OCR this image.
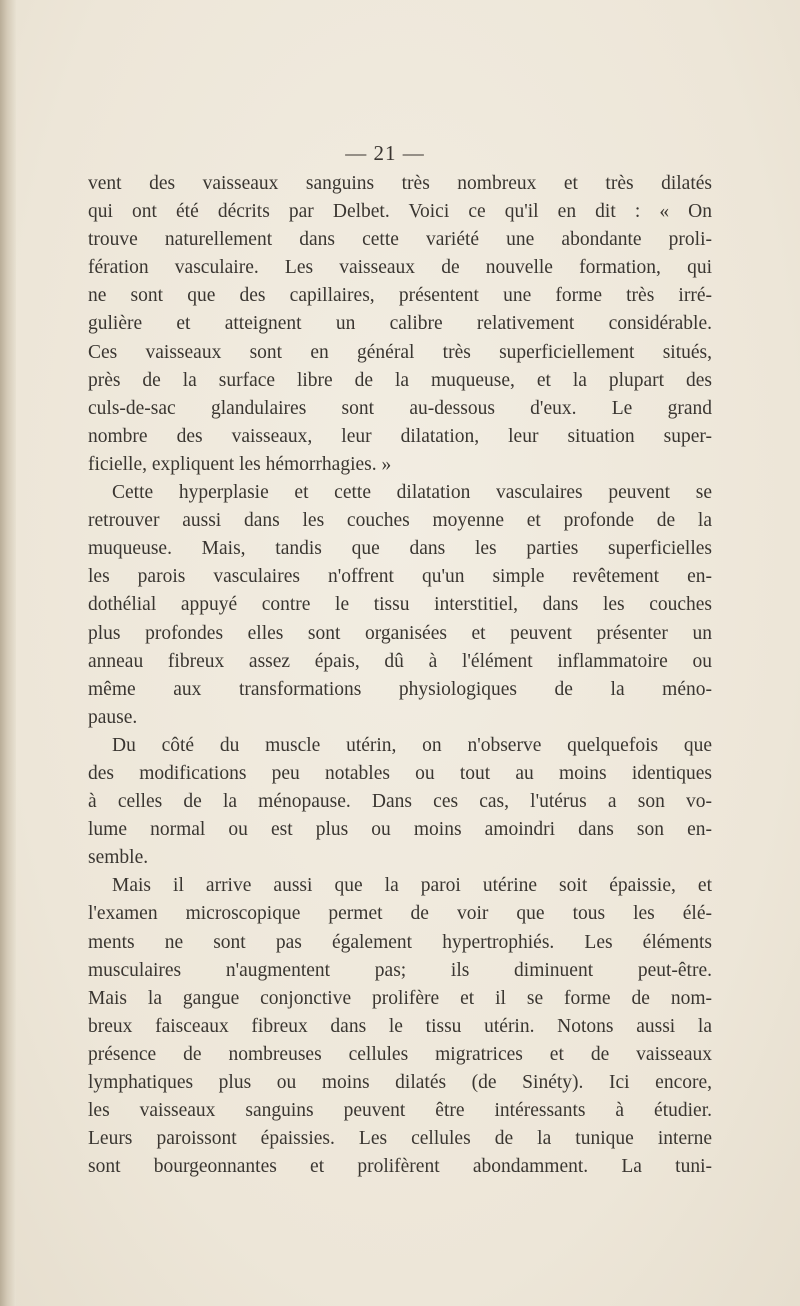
— 21 —

vent des vaisseaux sanguins très nombreux et très dilatés
qui ont été décrits par Delbet. Voici ce qu'il en dit : « On
trouve naturellement dans cette variété une abondante proli-
fération vasculaire. Les vaisseaux de nouvelle formation, qui
ne sont que des capillaires, présentent une forme très irré-
gulière et atteignent un calibre relativement considérable.
Ces vaisseaux sont en général très superficiellement situés,
près de la surface libre de la muqueuse, et la plupart des
culs-de-sac glandulaires sont au-dessous d'eux. Le grand
nombre des vaisseaux, leur dilatation, leur situation super-
ficielle, expliquent les hémorrhagies. »

Cette hyperplasie et cette dilatation vasculaires peuvent se
retrouver aussi dans les couches moyenne et profonde de la
muqueuse. Mais, tandis que dans les parties superficielles
les parois vasculaires n'offrent qu'un simple revêtement en-
dothélial appuyé contre le tissu interstitiel, dans les couches
plus profondes elles sont organisées et peuvent présenter un
anneau fibreux assez épais, dû à l'élément inflammatoire ou
même aux transformations physiologiques de la méno-
pause.

Du côté du muscle utérin, on n'observe quelquefois que
des modifications peu notables ou tout au moins identiques
à celles de la ménopause. Dans ces cas, l'utérus a son vo-
lume normal ou est plus ou moins amoindri dans son en-
semble.

Mais il arrive aussi que la paroi utérine soit épaissie, et
l'examen microscopique permet de voir que tous les élé-
ments ne sont pas également hypertrophiés. Les éléments
musculaires n'augmentent pas; ils diminuent peut-être.
Mais la gangue conjonctive prolifère et il se forme de nom-
breux faisceaux fibreux dans le tissu utérin. Notons aussi la
présence de nombreuses cellules migratrices et de vaisseaux
lymphatiques plus ou moins dilatés (de Sinéty). Ici encore,
les vaisseaux sanguins peuvent être intéressants à étudier.
Leurs paroissont épaissies. Les cellules de la tunique interne
sont bourgeonnantes et prolifèrent abondamment. La tuni-
